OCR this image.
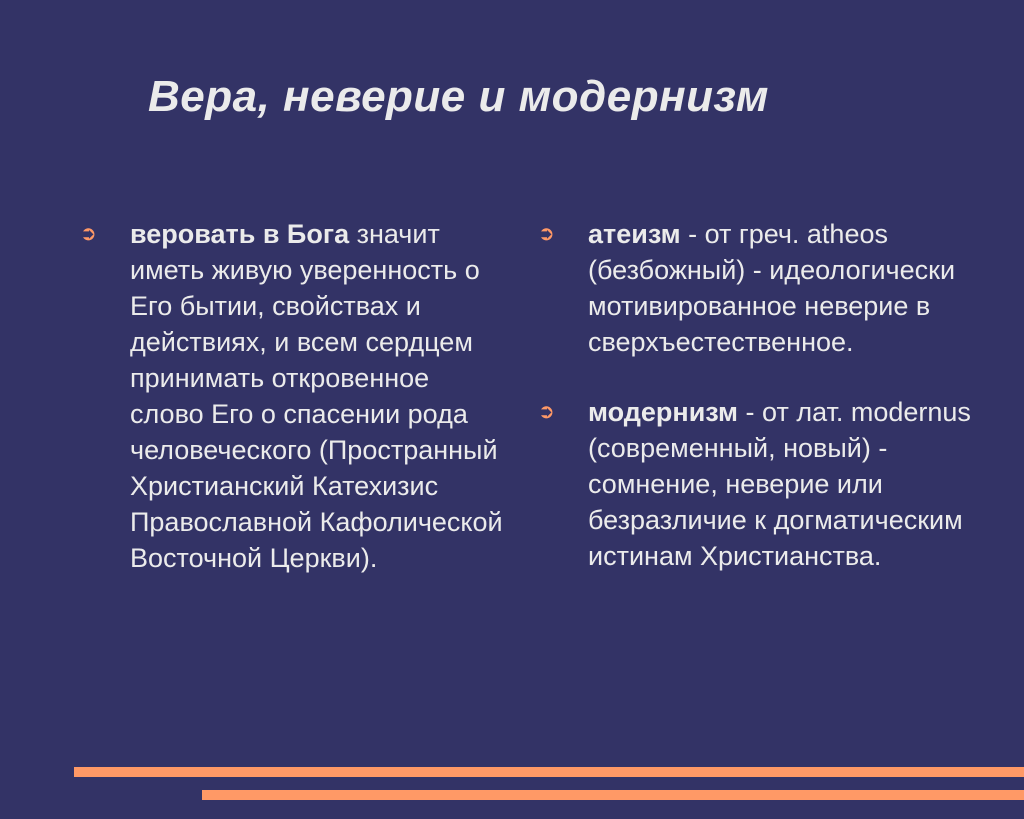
Вера, неверие и модернизм
➲	веровать в Бога значит иметь живую уверенность о Его бытии, свойствах и действиях, и всем сердцем принимать откровенное слово Его о спасении рода человеческого (Пространный Христианский Катехизис Православной Кафолической Восточной Церкви).
➲	атеизм - от греч. atheos (безбожный) - идеологически мотивированное неверие в сверхъестественное.
➲	модернизм - от лат. modernus (современный, новый) - сомнение, неверие или безразличие к догматическим истинам Христианства.
